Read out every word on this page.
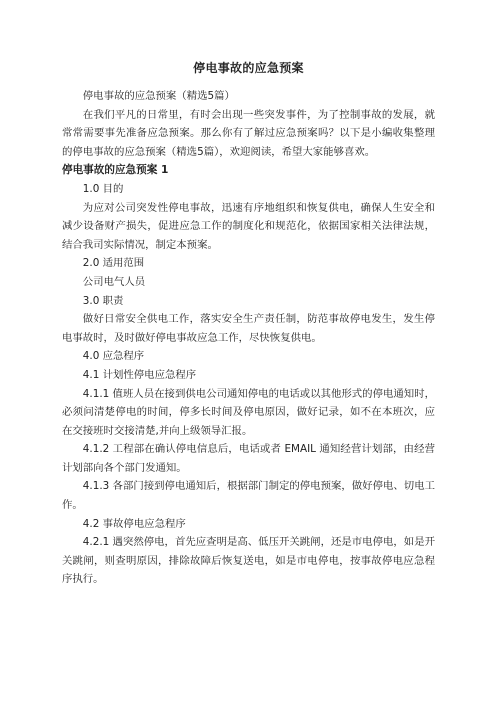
停电事故的应急预案

停电事故的应急预案（精选5篇）

在我们平凡的日常里，有时会出现一些突发事件，为了控制事故的发展，就常常需要事先准备应急预案。那么你有了解过应急预案吗？以下是小编收集整理的停电事故的应急预案（精选5篇），欢迎阅读，希望大家能够喜欢。

停电事故的应急预案 1

1.0 目的

为应对公司突发性停电事故，迅速有序地组织和恢复供电，确保人生安全和减少设备财产损失，促进应急工作的制度化和规范化，依据国家相关法律法规，结合我司实际情况，制定本预案。

2.0 适用范围

公司电气人员

3.0 职责

做好日常安全供电工作，落实安全生产责任制，防范事故停电发生，发生停电事故时，及时做好停电事故应急工作，尽快恢复供电。

4.0 应急程序

4.1 计划性停电应急程序

4.1.1 值班人员在接到供电公司通知停电的电话或以其他形式的停电通知时，必须问清楚停电的时间，停多长时间及停电原因，做好记录，如不在本班次，应在交接班时交接清楚,并向上级领导汇报。

4.1.2 工程部在确认停电信息后，电话或者 EMAIL 通知经营计划部，由经营计划部向各个部门发通知。

4.1.3 各部门接到停电通知后，根据部门制定的停电预案，做好停电、切电工作。

4.2 事故停电应急程序

4.2.1 遇突然停电，首先应查明是高、低压开关跳闸，还是市电停电，如是开关跳闸，则查明原因，排除故障后恢复送电，如是市电停电，按事故停电应急程序执行。
